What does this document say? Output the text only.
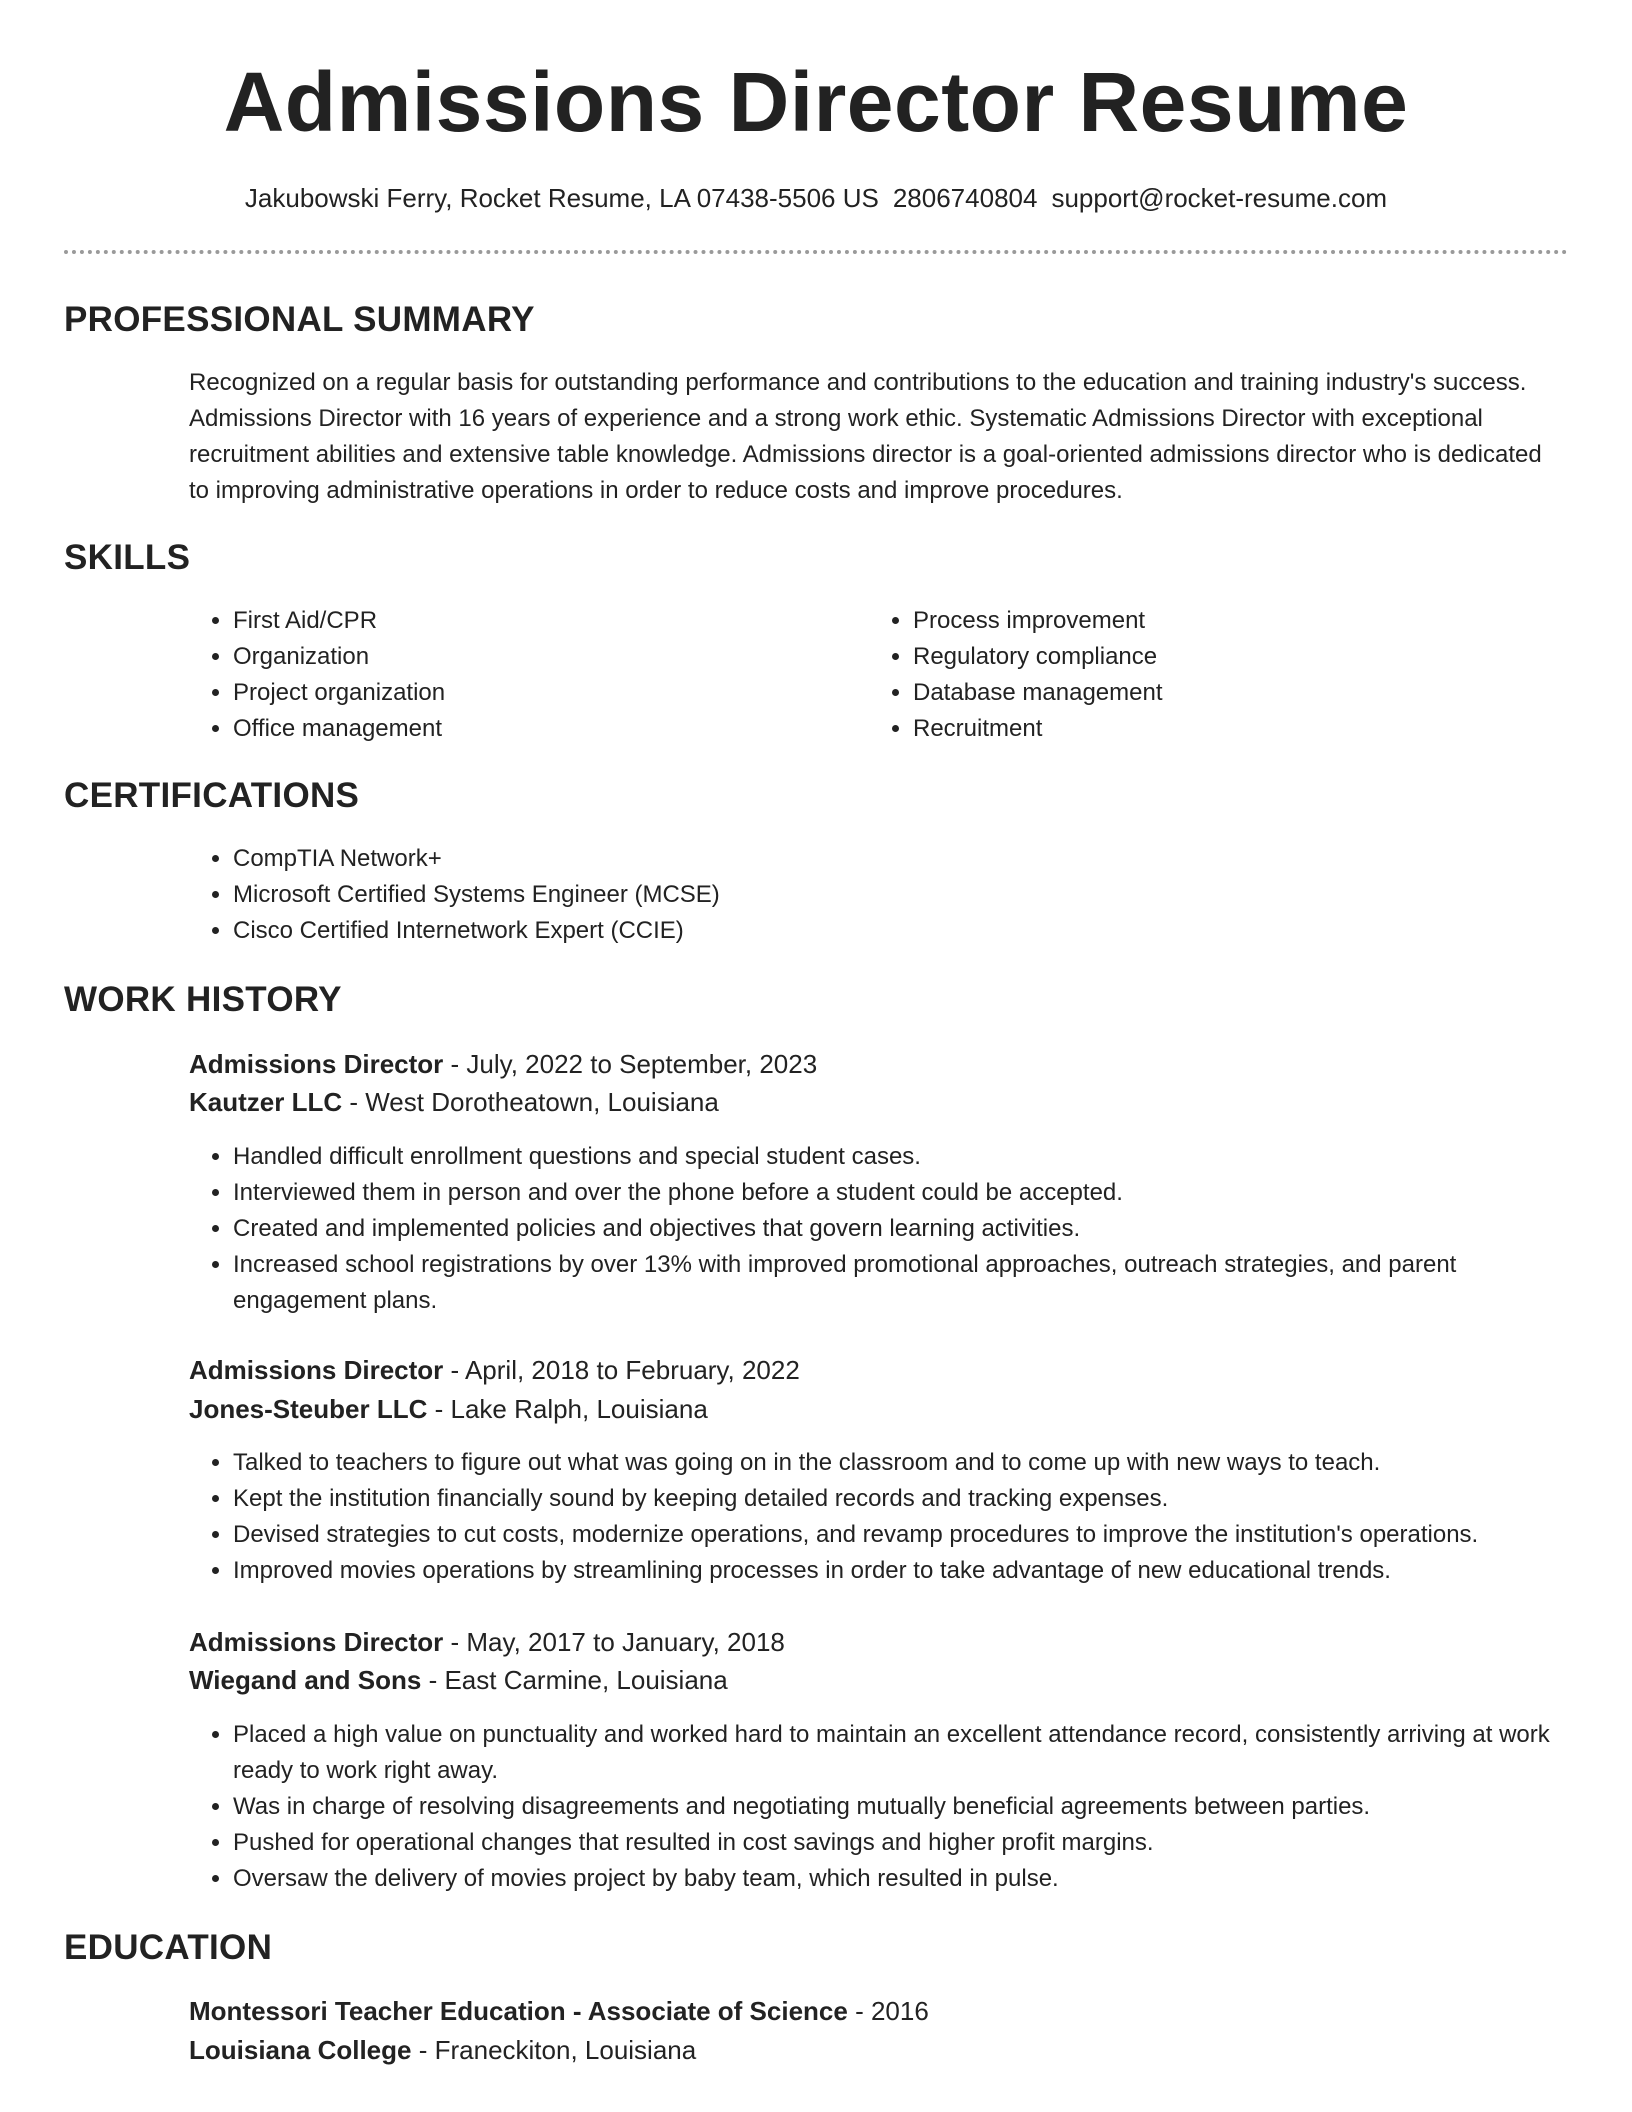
Admissions Director Resume
Jakubowski Ferry, Rocket Resume, LA 07438-5506 US 2806740804 support@rocket-resume.com
PROFESSIONAL SUMMARY
Recognized on a regular basis for outstanding performance and contributions to the education and training industry's success. Admissions Director with 16 years of experience and a strong work ethic. Systematic Admissions Director with exceptional recruitment abilities and extensive table knowledge. Admissions director is a goal-oriented admissions director who is dedicated to improving administrative operations in order to reduce costs and improve procedures.
SKILLS
• First Aid/CPR
• Organization
• Project organization
• Office management
• Process improvement
• Regulatory compliance
• Database management
• Recruitment
CERTIFICATIONS
• CompTIA Network+
• Microsoft Certified Systems Engineer (MCSE)
• Cisco Certified Internetwork Expert (CCIE)
WORK HISTORY
Admissions Director - July, 2022 to September, 2023
Kautzer LLC - West Dorotheatown, Louisiana
• Handled difficult enrollment questions and special student cases.
• Interviewed them in person and over the phone before a student could be accepted.
• Created and implemented policies and objectives that govern learning activities.
• Increased school registrations by over 13% with improved promotional approaches, outreach strategies, and parent engagement plans.
Admissions Director - April, 2018 to February, 2022
Jones-Steuber LLC - Lake Ralph, Louisiana
• Talked to teachers to figure out what was going on in the classroom and to come up with new ways to teach.
• Kept the institution financially sound by keeping detailed records and tracking expenses.
• Devised strategies to cut costs, modernize operations, and revamp procedures to improve the institution's operations.
• Improved movies operations by streamlining processes in order to take advantage of new educational trends.
Admissions Director - May, 2017 to January, 2018
Wiegand and Sons - East Carmine, Louisiana
• Placed a high value on punctuality and worked hard to maintain an excellent attendance record, consistently arriving at work ready to work right away.
• Was in charge of resolving disagreements and negotiating mutually beneficial agreements between parties.
• Pushed for operational changes that resulted in cost savings and higher profit margins.
• Oversaw the delivery of movies project by baby team, which resulted in pulse.
EDUCATION
Montessori Teacher Education - Associate of Science - 2016
Louisiana College - Franeckiton, Louisiana
